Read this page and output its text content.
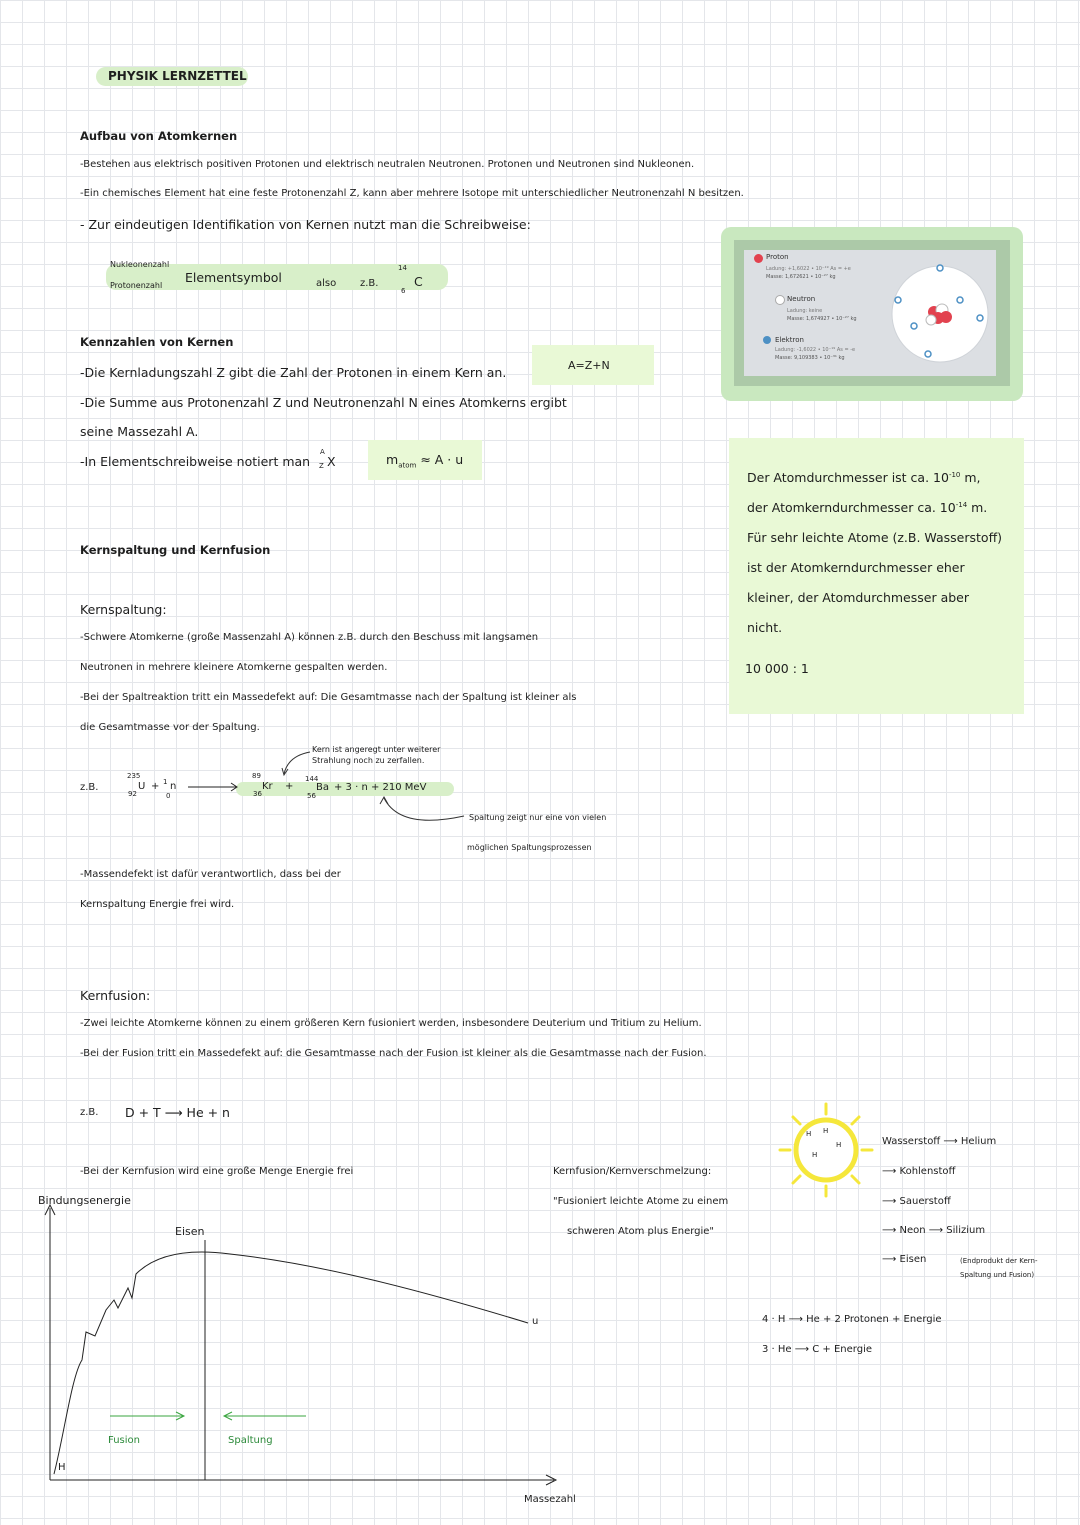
PHYSIK LERNZETTEL
Aufbau von Atomkernen
-Bestehen aus elektrisch positiven Protonen und elektrisch neutralen Neutronen. Protonen und Neutronen sind Nukleonen.
-Ein chemisches Element hat eine feste Protonenzahl Z, kann aber mehrere Isotope mit unterschiedlicher Neutronenzahl N besitzen.
- Zur eindeutigen Identifikation von Kernen nutzt man die Schreibweise:
Nukleonenzahl
Protonenzahl
Elementsymbol	also z.B.
14
6
C
Proton
Ladung: +1,6022 • 10⁻¹⁹ As = +e
Masse: 1,672621 • 10⁻²⁷ kg
Neutron
Ladung: keine
Masse: 1,674927 • 10⁻²⁷ kg
Elektron
Ladung: -1,6022 • 10⁻¹⁹ As = -e
Masse: 9,109383 • 10⁻³¹ kg
Kennzahlen von Kernen
-Die Kernladungszahl Z gibt die Zahl der Protonen in einem Kern an.	A=Z+N
-Die Summe aus Protonenzahl Z und Neutronenzahl N eines Atomkerns ergibt
seine Massezahl A.
-In Elementschreibweise notiert man
A
Z X	$m_{atom} \approx A \cdot u$
Der Atomdurchmesser ist ca. $10^{-10}$ m,
der Atomkerndurchmesser ca. $10^{-14}$ m.
Für sehr leichte Atome (z.B. Wasserstoff)
ist der Atomkerndurchmesser eher
kleiner, der Atomdurchmesser aber
nicht.
10 000 : 1
Kernspaltung und Kernfusion
Kernspaltung:
-Schwere Atomkerne (große Massenzahl A) können z.B. durch den Beschuss mit langsamen
Neutronen in mehrere kleinere Atomkerne gespalten werden.
-Bei der Spaltreaktion tritt ein Massedefekt auf: Die Gesamtmasse nach der Spaltung ist kleiner als
die Gesamtmasse vor der Spaltung.
Kern ist angeregt unter weiterer
Strahlung noch zu zerfallen.
z.B.
235
92
U + 1
0
n
89
36
Kr +
144
56
Ba + 3 · n + 210 MeV
Spaltung zeigt nur eine von vielen
möglichen Spaltungsprozessen
-Massendefekt ist dafür verantwortlich, dass bei der
Kernspaltung Energie frei wird.
Kernfusion:
-Zwei leichte Atomkerne können zu einem größeren Kern fusioniert werden, insbesondere Deuterium und Tritium zu Helium.
-Bei der Fusion tritt ein Massedefekt auf: die Gesamtmasse nach der Fusion ist kleiner als die Gesamtmasse nach der Fusion.
z.B. D + T ⟶ He + n
-Bei der Kernfusion wird eine große Menge Energie frei	Kernfusion/Kernverschmelzung:
"Fusioniert leichte Atome zu einem
schweren Atom plus Energie"
H H
H
H
Wasserstoff ⟶ Helium
⟶ Kohlenstoff
⟶ Sauerstoff
⟶ Neon ⟶ Silizium
⟶ Eisen	(Endprodukt der Kern-
Spaltung und Fusion)
4 · H ⟶ He + 2 Protonen + Energie
3 · He ⟶ C + Energie
Bindungsenergie
Eisen
u
H
Fusion	Spaltung
Massezahl
